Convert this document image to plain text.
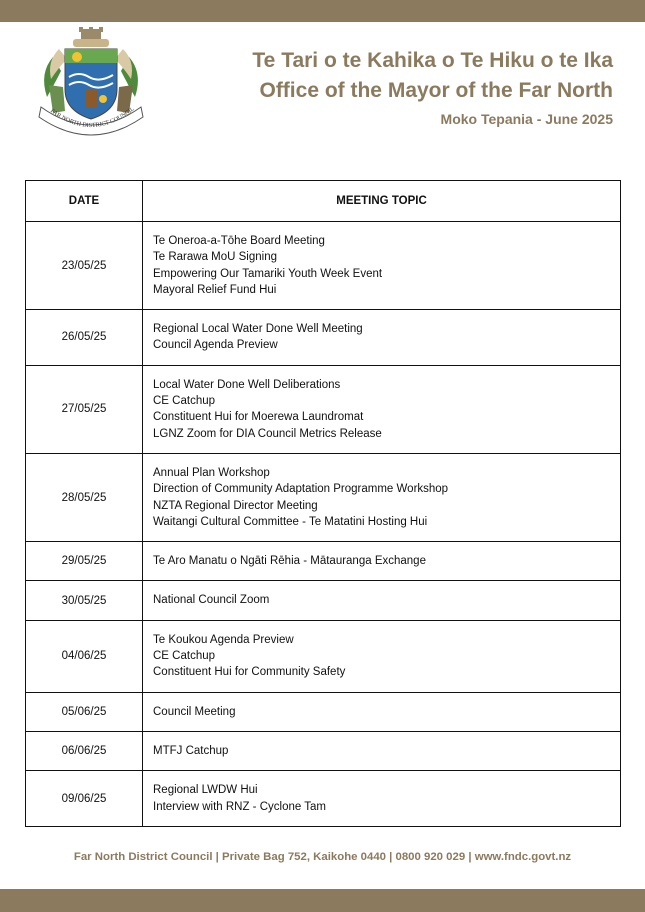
FAR NORTH DISTRICT COUNCIL
Te Tari o te Kahika o Te Hiku o te Ika
Office of the Mayor of the Far North
Moko Tepania - June 2025
DATE	MEETING TOPIC
23/05/25	Te Oneroa-a-Tōhe Board Meeting
Te Rarawa MoU Signing
Empowering Our Tamariki Youth Week Event
Mayoral Relief Fund Hui

26/05/25	Regional Local Water Done Well Meeting
Council Agenda Preview

27/05/25	Local Water Done Well Deliberations
CE Catchup
Constituent Hui for Moerewa Laundromat
LGNZ Zoom for DIA Council Metrics Release

28/05/25	Annual Plan Workshop
Direction of Community Adaptation Programme Workshop
NZTA Regional Director Meeting
Waitangi Cultural Committee - Te Matatini Hosting Hui

29/05/25	Te Aro Manatu o Ngāti Rēhia - Mātauranga Exchange

30/05/25	National Council Zoom

04/06/25	Te Koukou Agenda Preview
CE Catchup
Constituent Hui for Community Safety

05/06/25	Council Meeting

06/06/25	MTFJ Catchup

09/06/25	Regional LWDW Hui
Interview with RNZ - Cyclone Tam
Far North District Council | Private Bag 752, Kaikohe 0440 | 0800 920 029 | www.fndc.govt.nz
